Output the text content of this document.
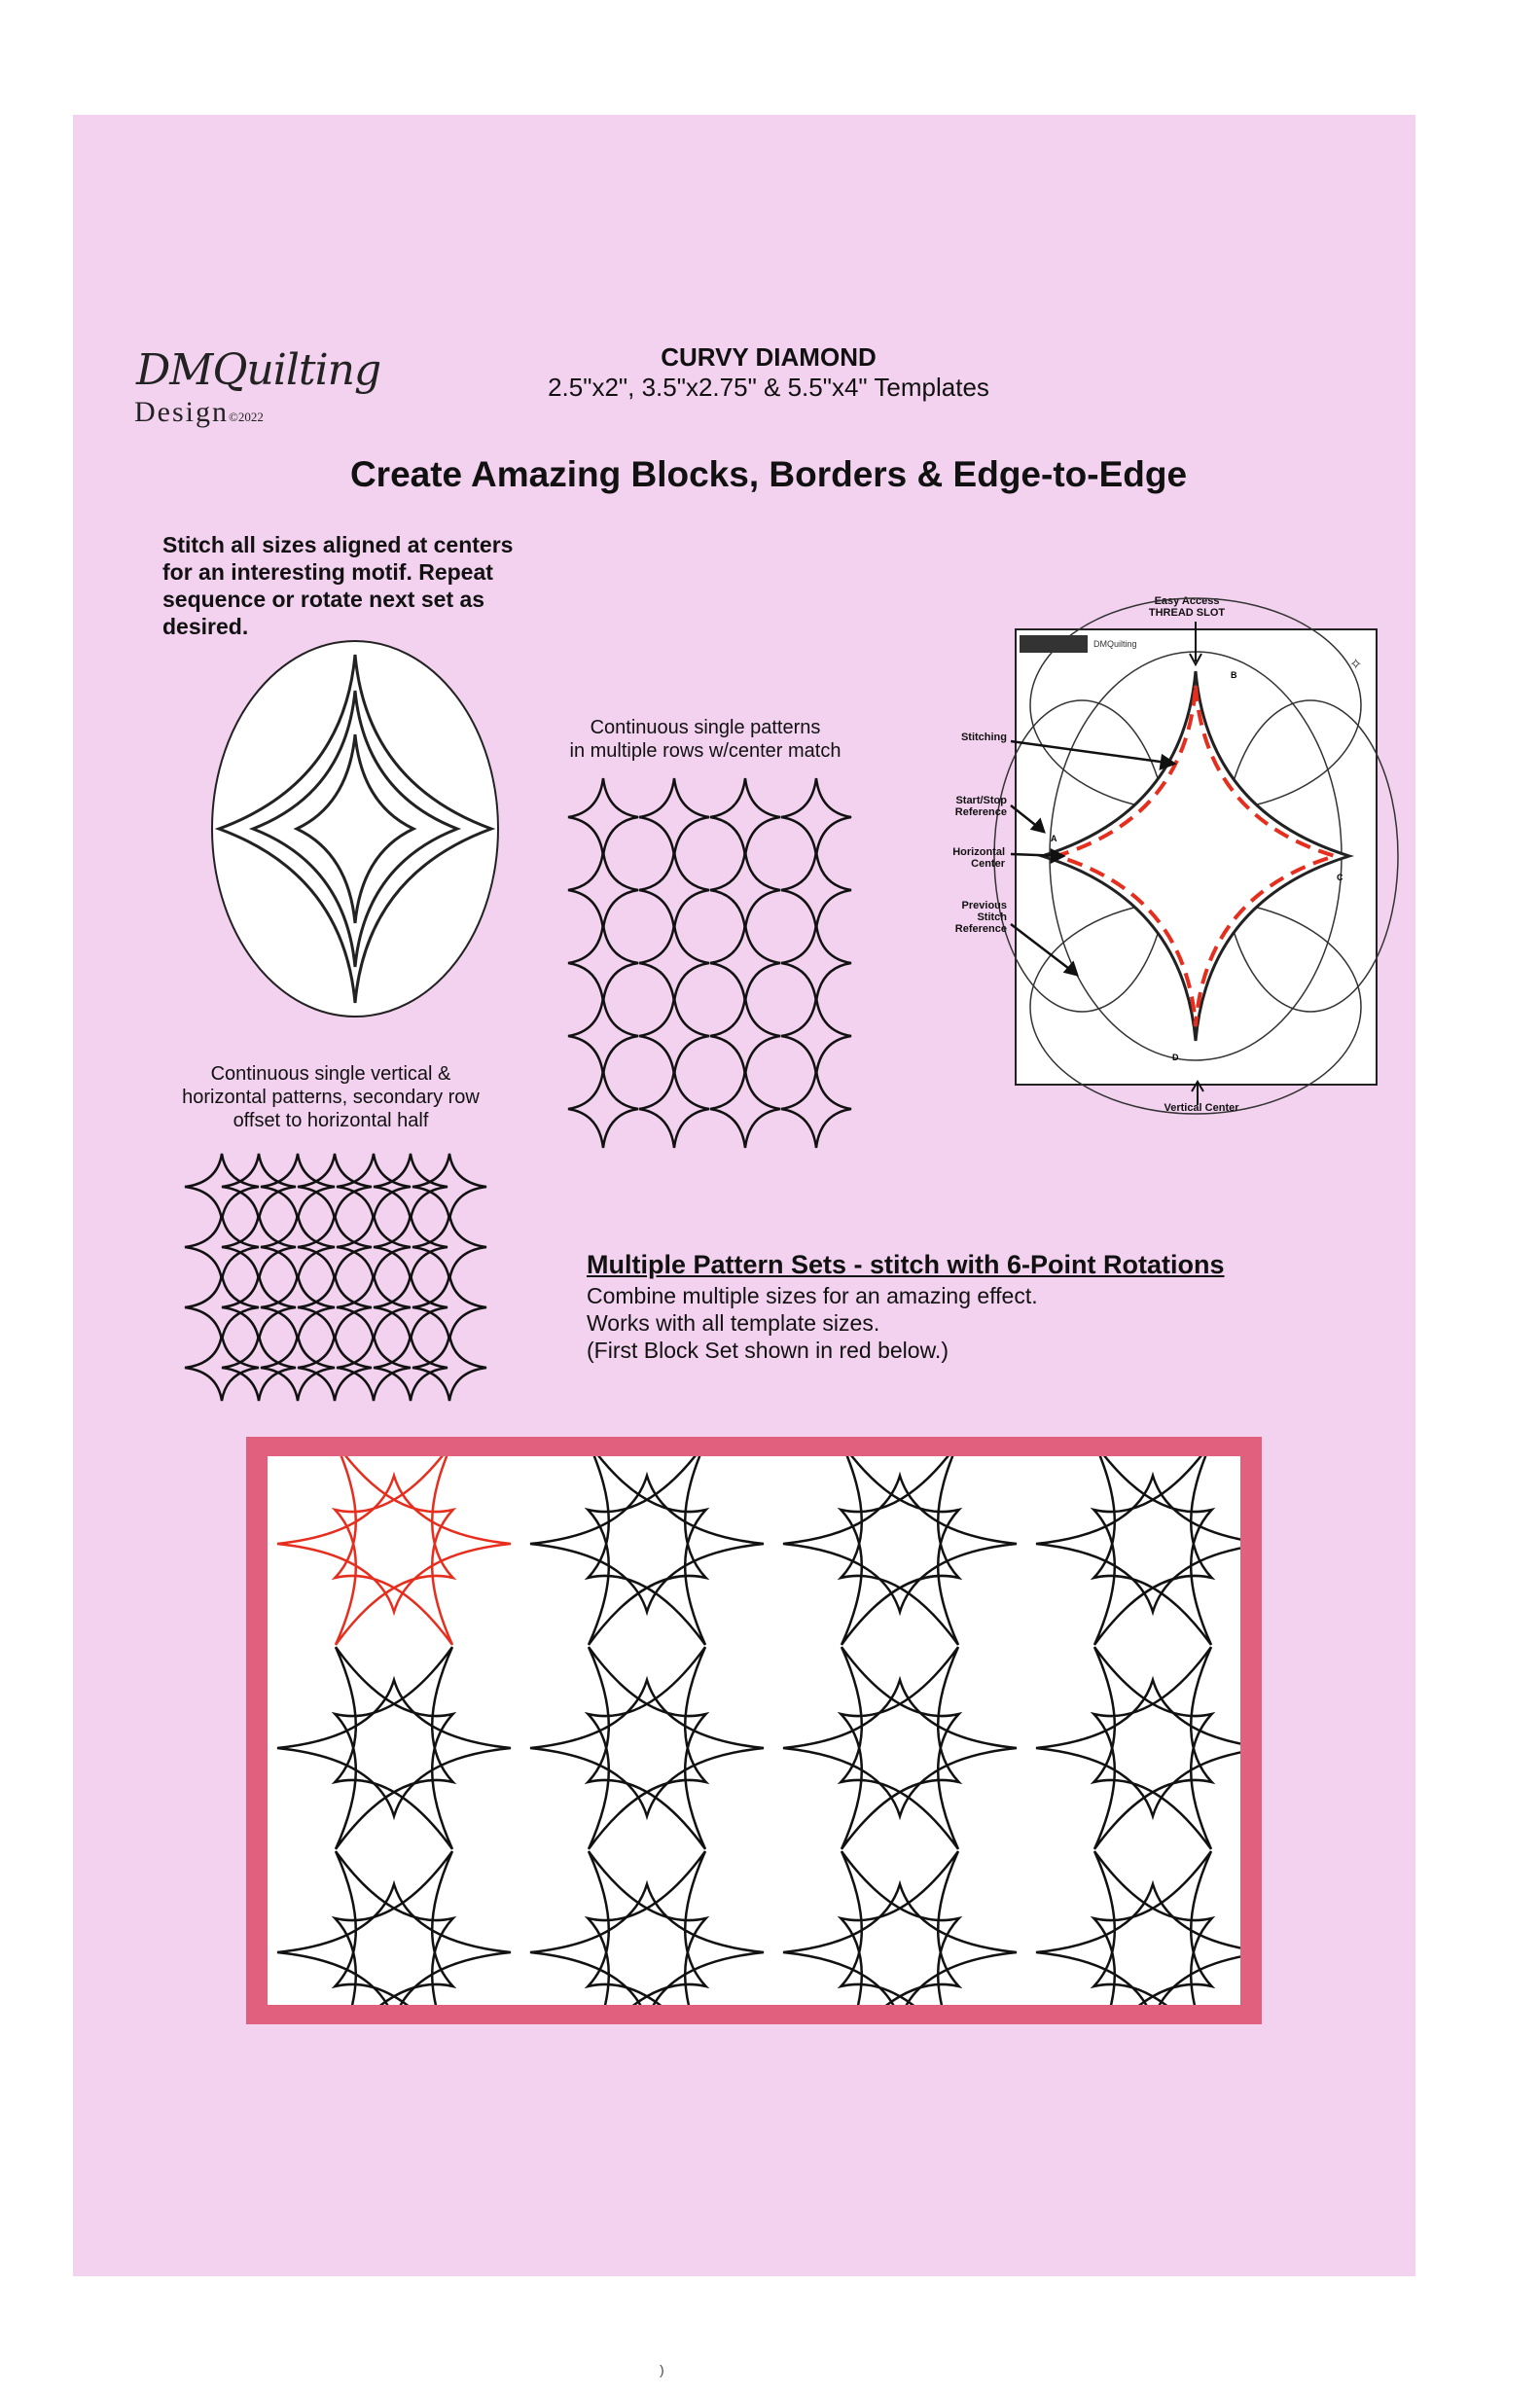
DMQuilting
Design©2022
CURVY DIAMOND
2.5"x2", 3.5"x2.75" & 5.5"x4" Templates
Create Amazing Blocks, Borders & Edge-to-Edge
Stitch all sizes aligned at centers
for an interesting motif. Repeat
sequence or rotate next set as
desired.
Continuous single patterns
in multiple rows w/center match
Continuous single vertical &
horizontal patterns, secondary row
offset to horizontal half
Easy Access
THREAD SLOT
DMQuilting
✧
B
A
C
D
Stitching
Start/Stop
Reference
Horizontal
Center
Previous
Stitch
Reference
Vertical Center
Multiple Pattern Sets - stitch with 6-Point Rotations
Combine multiple sizes for an amazing effect.
Works with all template sizes.
(First Block Set shown in red below.)
)
